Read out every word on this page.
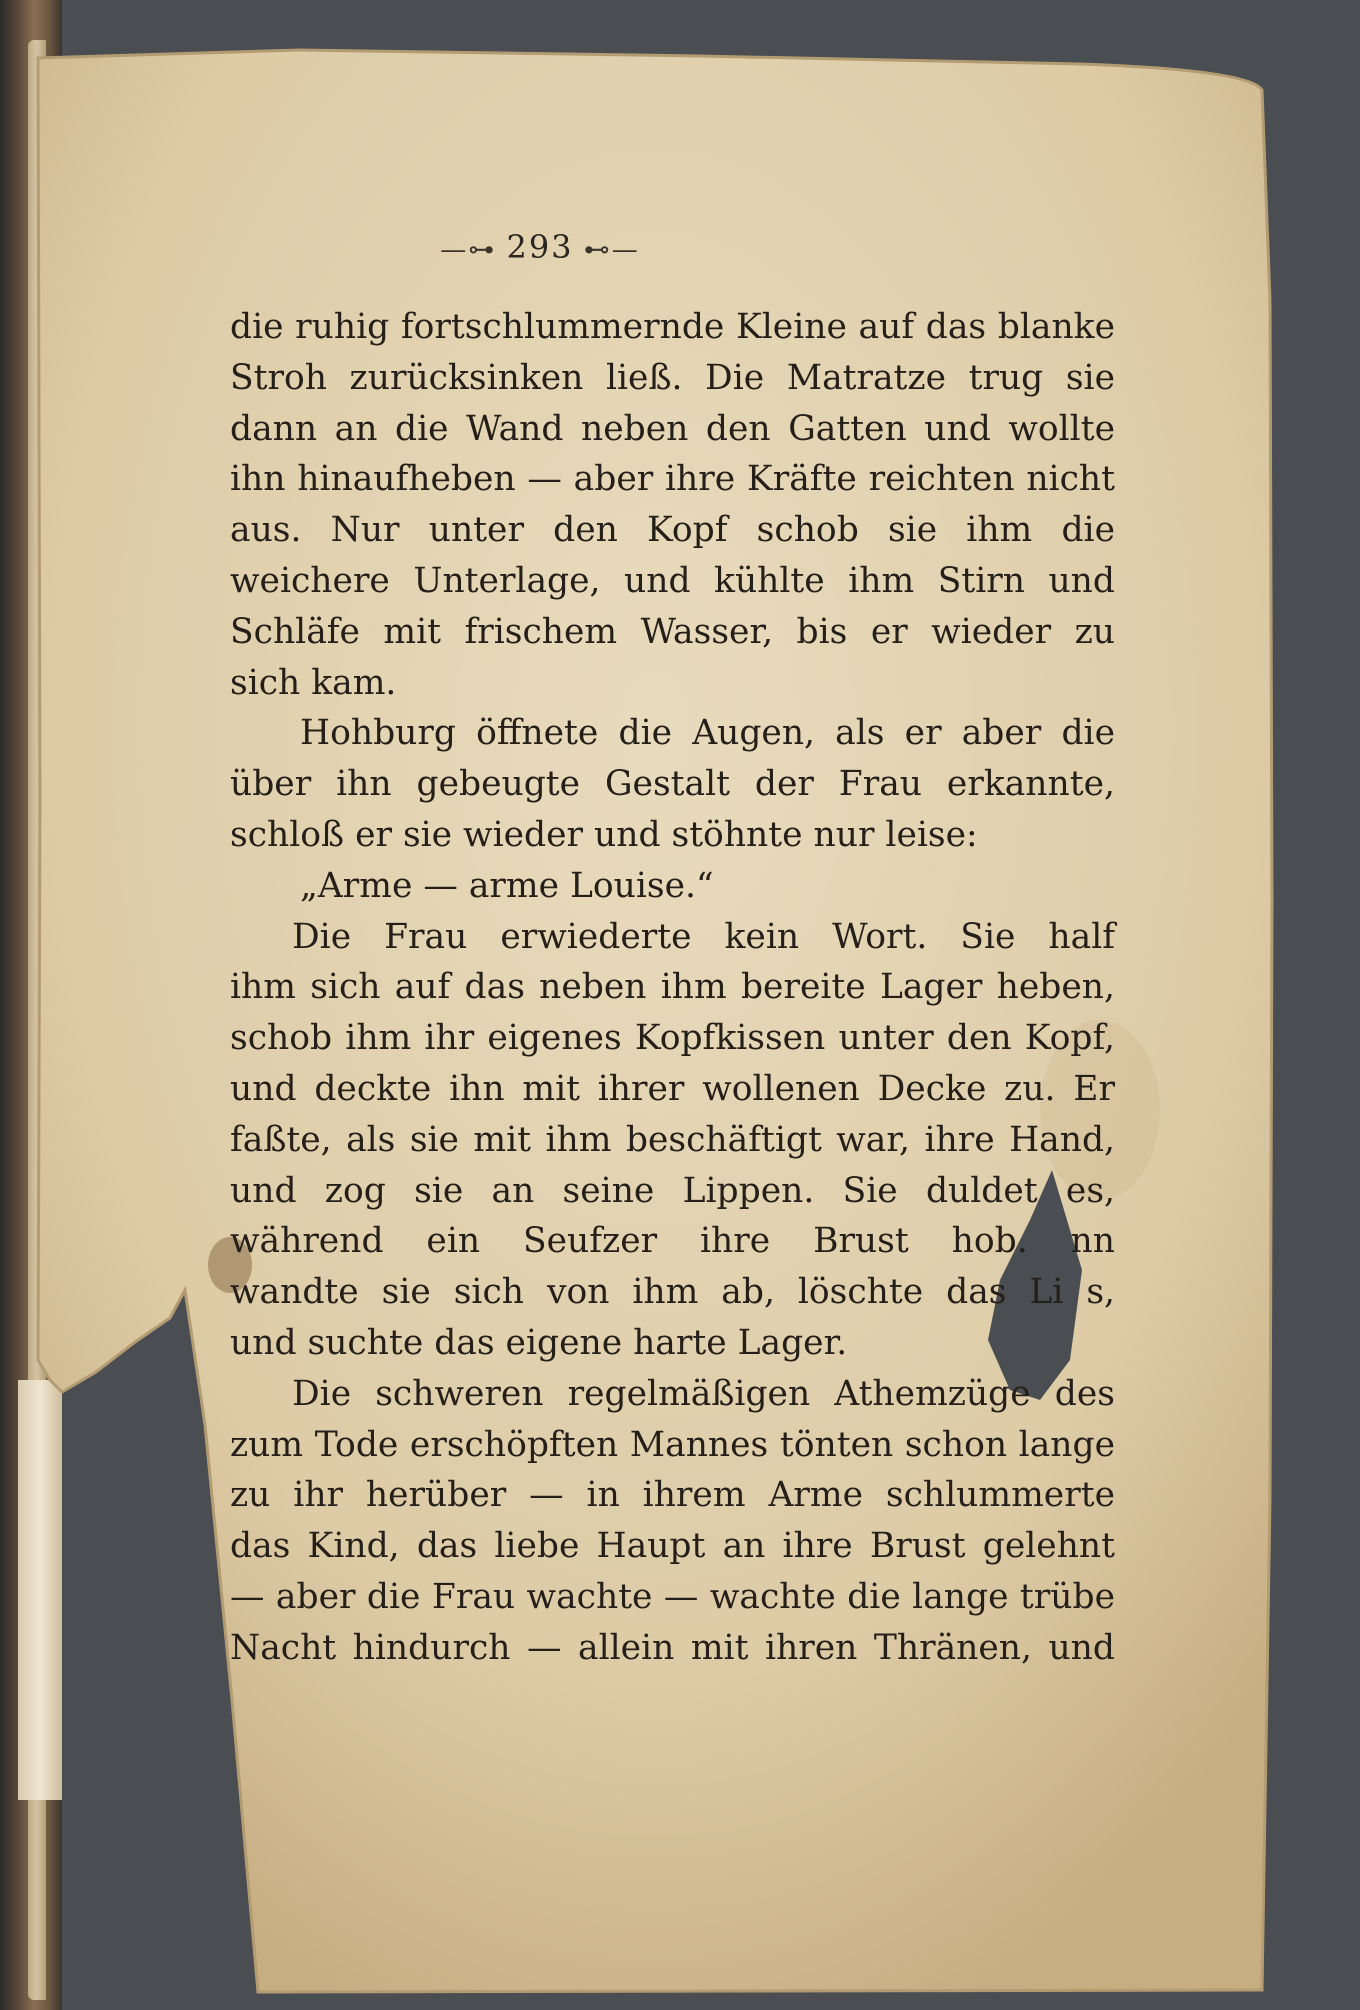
—⊶ 293 ⊷—
die ruhig fortschlummernde Kleine auf das blanke
Stroh zurücksinken ließ. Die Matratze trug sie
dann an die Wand neben den Gatten und wollte
ihn hinaufheben — aber ihre Kräfte reichten nicht
aus. Nur unter den Kopf schob sie ihm die
weichere Unterlage, und kühlte ihm Stirn und
Schläfe mit frischem Wasser, bis er wieder zu
sich kam.
Hohburg öffnete die Augen, als er aber die
über ihn gebeugte Gestalt der Frau erkannte,
schloß er sie wieder und stöhnte nur leise:
„Arme — arme Louise.“
Die Frau erwiederte kein Wort. Sie half
ihm sich auf das neben ihm bereite Lager heben,
schob ihm ihr eigenes Kopfkissen unter den Kopf,
und deckte ihn mit ihrer wollenen Decke zu. Er
faßte, als sie mit ihm beschäftigt war, ihre Hand,
und zog sie an seine Lippen. Sie duldet es,
während ein Seufzer ihre Brust hob. nn
wandte sie sich von ihm ab, löschte das Li s,
und suchte das eigene harte Lager.
Die schweren regelmäßigen Athemzüge des
zum Tode erschöpften Mannes tönten schon lange
zu ihr herüber — in ihrem Arme schlummerte
das Kind, das liebe Haupt an ihre Brust gelehnt
— aber die Frau wachte — wachte die lange trübe
Nacht hindurch — allein mit ihren Thränen, und
